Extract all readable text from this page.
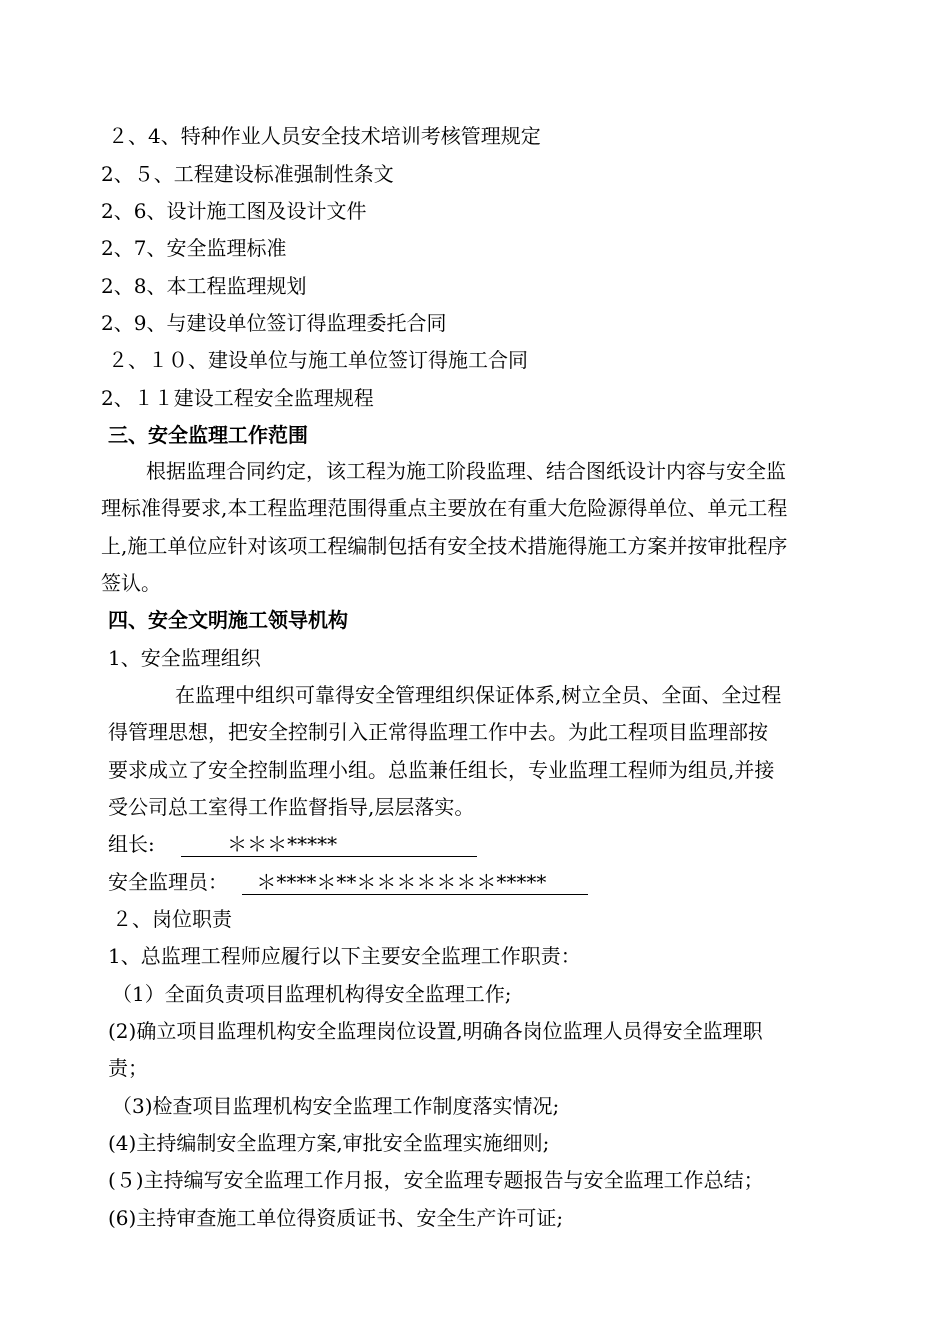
２、4、特种作业人员安全技术培训考核管理规定
2、５、工程建设标准强制性条文
2、6、设计施工图及设计文件
2、7、安全监理标准
2、8、本工程监理规划
2、9、与建设单位签订得监理委托合同
２、１０、建设单位与施工单位签订得施工合同
2、１１建设工程安全监理规程
三、安全监理工作范围
根据监理合同约定，该工程为施工阶段监理、结合图纸设计内容与安全监
理标准得要求,本工程监理范围得重点主要放在有重大危险源得单位、单元工程
上,施工单位应针对该项工程编制包括有安全技术措施得施工方案并按审批程序
签认。
四、安全文明施工领导机构
1、安全监理组织
在监理中组织可靠得安全管理组织保证体系,树立全员、全面、全过程
得管理思想，把安全控制引入正常得监理工作中去。为此工程项目监理部按
要求成立了安全控制监理小组。总监兼任组长，专业监理工程师为组员,并接
受公司总工室得工作监督指导,层层落实。
组长:	＊＊＊*****
安全监理员： ＊****＊**＊＊＊＊＊＊＊*****
２、岗位职责
1、总监理工程师应履行以下主要安全监理工作职责：
（1）全面负责项目监理机构得安全监理工作;
(2)确立项目监理机构安全监理岗位设置,明确各岗位监理人员得安全监理职
责；
（3)检查项目监理机构安全监理工作制度落实情况;
(4)主持编制安全监理方案,审批安全监理实施细则;
(５)主持编写安全监理工作月报，安全监理专题报告与安全监理工作总结；
(6)主持审查施工单位得资质证书、安全生产许可证;
